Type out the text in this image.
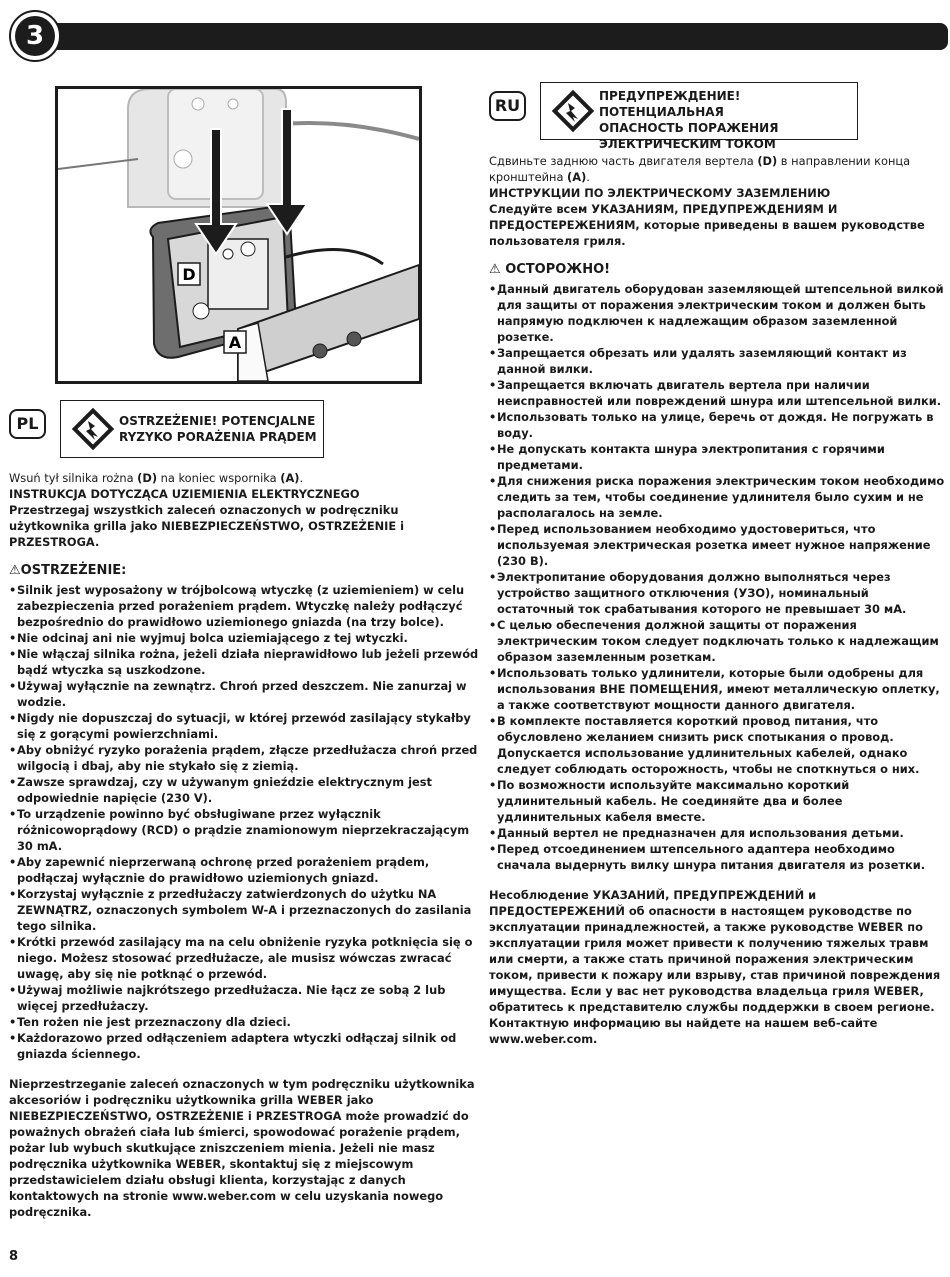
3
D
A
PL	OSTRZEŻENIE! POTENCJALNE
RYZYKO PORAŻENIA PRĄDEM

Wsuń tył silnika rożna (D) na koniec wspornika (A).

INSTRUKCJA DOTYCZĄCA UZIEMIENIA ELEKTRYCZNEGO

Przestrzegaj wszystkich zaleceń oznaczonych w podręczniku użytkownika grilla jako NIEBEZPIECZEŃSTWO, OSTRZEŻENIE i PRZESTROGA.

⚠OSTRZEŻENIE:
• Silnik jest wyposażony w trójbolcową wtyczkę (z uziemieniem) w celu zabezpieczenia przed porażeniem prądem. Wtyczkę należy podłączyć bezpośrednio do prawidłowo uziemionego gniazda (na trzy bolce).
• Nie odcinaj ani nie wyjmuj bolca uziemiającego z tej wtyczki.
• Nie włączaj silnika rożna, jeżeli działa nieprawidłowo lub jeżeli przewód bądź wtyczka są uszkodzone.
• Używaj wyłącznie na zewnątrz. Chroń przed deszczem. Nie zanurzaj w wodzie.
• Nigdy nie dopuszczaj do sytuacji, w której przewód zasilający stykałby się z gorącymi powierzchniami.
• Aby obniżyć ryzyko porażenia prądem, złącze przedłużacza chroń przed wilgocią i dbaj, aby nie stykało się z ziemią.
• Zawsze sprawdzaj, czy w używanym gnieździe elektrycznym jest odpowiednie napięcie (230 V).
• To urządzenie powinno być obsługiwane przez wyłącznik różnicowoprądowy (RCD) o prądzie znamionowym nieprzekraczającym 30 mA.
• Aby zapewnić nieprzerwaną ochronę przed porażeniem prądem, podłączaj wyłącznie do prawidłowo uziemionych gniazd.
• Korzystaj wyłącznie z przedłużaczy zatwierdzonych do użytku NA ZEWNĄTRZ, oznaczonych symbolem W-A i przeznaczonych do zasilania tego silnika.
• Krótki przewód zasilający ma na celu obniżenie ryzyka potknięcia się o niego. Możesz stosować przedłużacze, ale musisz wówczas zwracać uwagę, aby się nie potknąć o przewód.
• Używaj możliwie najkrótszego przedłużacza. Nie łącz ze sobą 2 lub więcej przedłużaczy.
• Ten rożen nie jest przeznaczony dla dzieci.
• Każdorazowo przed odłączeniem adaptera wtyczki odłączaj silnik od gniazda ściennego.

Nieprzestrzeganie zaleceń oznaczonych w tym podręczniku użytkownika akcesoriów i podręczniku użytkownika grilla WEBER jako NIEBEZPIECZEŃSTWO, OSTRZEŻENIE i PRZESTROGA może prowadzić do poważnych obrażeń ciała lub śmierci, spowodować porażenie prądem, pożar lub wybuch skutkujące zniszczeniem mienia. Jeżeli nie masz podręcznika użytkownika WEBER, skontaktuj się z miejscowym przedstawicielem działu obsługi klienta, korzystając z danych kontaktowych na stronie www.weber.com w celu uzyskania nowego podręcznika.

RU	ПРЕДУПРЕЖДЕНИЕ! ПОТЕНЦИАЛЬНАЯ
ОПАСНОСТЬ ПОРАЖЕНИЯ
ЭЛЕКТРИЧЕСКИМ ТОКОМ

Сдвиньте заднюю часть двигателя вертела (D) в направлении конца кронштейна (A).

ИНСТРУКЦИИ ПО ЭЛЕКТРИЧЕСКОМУ ЗАЗЕМЛЕНИЮ

Следуйте всем УКАЗАНИЯМ, ПРЕДУПРЕЖДЕНИЯМ И ПРЕДОСТЕРЕЖЕНИЯМ, которые приведены в вашем руководстве пользователя гриля.

⚠ ОСТОРОЖНО!
• Данный двигатель оборудован заземляющей штепсельной вилкой для защиты от поражения электрическим током и должен быть напрямую подключен к надлежащим образом заземленной розетке.
• Запрещается обрезать или удалять заземляющий контакт из данной вилки.
• Запрещается включать двигатель вертела при наличии неисправностей или повреждений шнура или штепсельной вилки.
• Использовать только на улице, беречь от дождя. Не погружать в воду.
• Не допускать контакта шнура электропитания с горячими предметами.
• Для снижения риска поражения электрическим током необходимо следить за тем, чтобы соединение удлинителя было сухим и не располагалось на земле.
• Перед использованием необходимо удостовериться, что используемая электрическая розетка имеет нужное напряжение (230 В).
• Электропитание оборудования должно выполняться через устройство защитного отключения (УЗО), номинальный остаточный ток срабатывания которого не превышает 30 мА.
• С целью обеспечения должной защиты от поражения электрическим током следует подключать только к надлежащим образом заземленным розеткам.
• Использовать только удлинители, которые были одобрены для использования ВНЕ ПОМЕЩЕНИЯ, имеют металлическую оплетку, а также соответствуют мощности данного двигателя.
• В комплекте поставляется короткий провод питания, что обусловлено желанием снизить риск спотыкания о провод. Допускается использование удлинительных кабелей, однако следует соблюдать осторожность, чтобы не споткнуться о них.
• По возможности используйте максимально короткий удлинительный кабель. Не соединяйте два и более удлинительных кабеля вместе.
• Данный вертел не предназначен для использования детьми.
• Перед отсоединением штепсельного адаптера необходимо сначала выдернуть вилку шнура питания двигателя из розетки.

Несоблюдение УКАЗАНИЙ, ПРЕДУПРЕЖДЕНИЙ и ПРЕДОСТЕРЕЖЕНИЙ об опасности в настоящем руководстве по эксплуатации принадлежностей, а также руководстве WEBER по эксплуатации гриля может привести к получению тяжелых травм или смерти, а также стать причиной поражения электрическим током, привести к пожару или взрыву, став причиной повреждения имущества. Если у вас нет руководства владельца гриля WEBER, обратитесь к представителю службы поддержки в своем регионе. Контактную информацию вы найдете на нашем веб-сайте www.weber.com.

8
